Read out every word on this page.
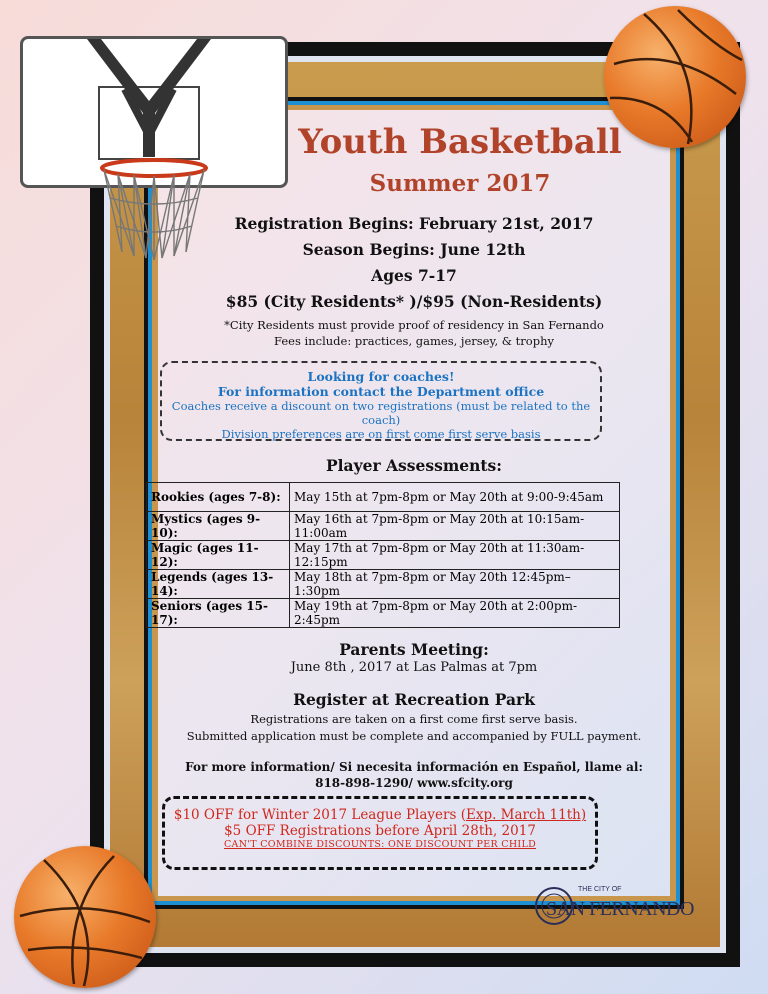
Youth Basketball
Summer 2017
Registration Begins: February 21st, 2017
Season Begins: June 12th
Ages 7-17
$85 (City Residents* )/$95 (Non-Residents)
*City Residents must provide proof of residency in San Fernando
Fees include: practices, games, jersey, & trophy
Looking for coaches!
For information contact the Department office
Coaches receive a discount on two registrations (must be related to the coach)
Division preferences are on first come first serve basis
Player Assessments:
Rookies (ages 7-8):	May 15th at 7pm-8pm or May 20th at 9:00-9:45am
Mystics (ages 9-10):	May 16th at 7pm-8pm or May 20th at 10:15am-11:00am
Magic (ages 11-12):	May 17th at 7pm-8pm or May 20th at 11:30am-12:15pm
Legends (ages 13-14):	May 18th at 7pm-8pm or May 20th 12:45pm– 1:30pm
Seniors (ages 15-17):	May 19th at 7pm-8pm or May 20th at 2:00pm-2:45pm
Parents Meeting:
June 8th , 2017 at Las Palmas at 7pm
Register at Recreation Park
Registrations are taken on a first come first serve basis.
Submitted application must be complete and accompanied by FULL payment.
For more information/ Si necesita información en Español, llame al:
818-898-1290/ www.sfcity.org
$10 OFF for Winter 2017 League Players (Exp. March 11th)
$5 OFF Registrations before April 28th, 2017
CAN'T COMBINE DISCOUNTS: ONE DISCOUNT PER CHILD
THE CITY OF
SAN FERNANDO
